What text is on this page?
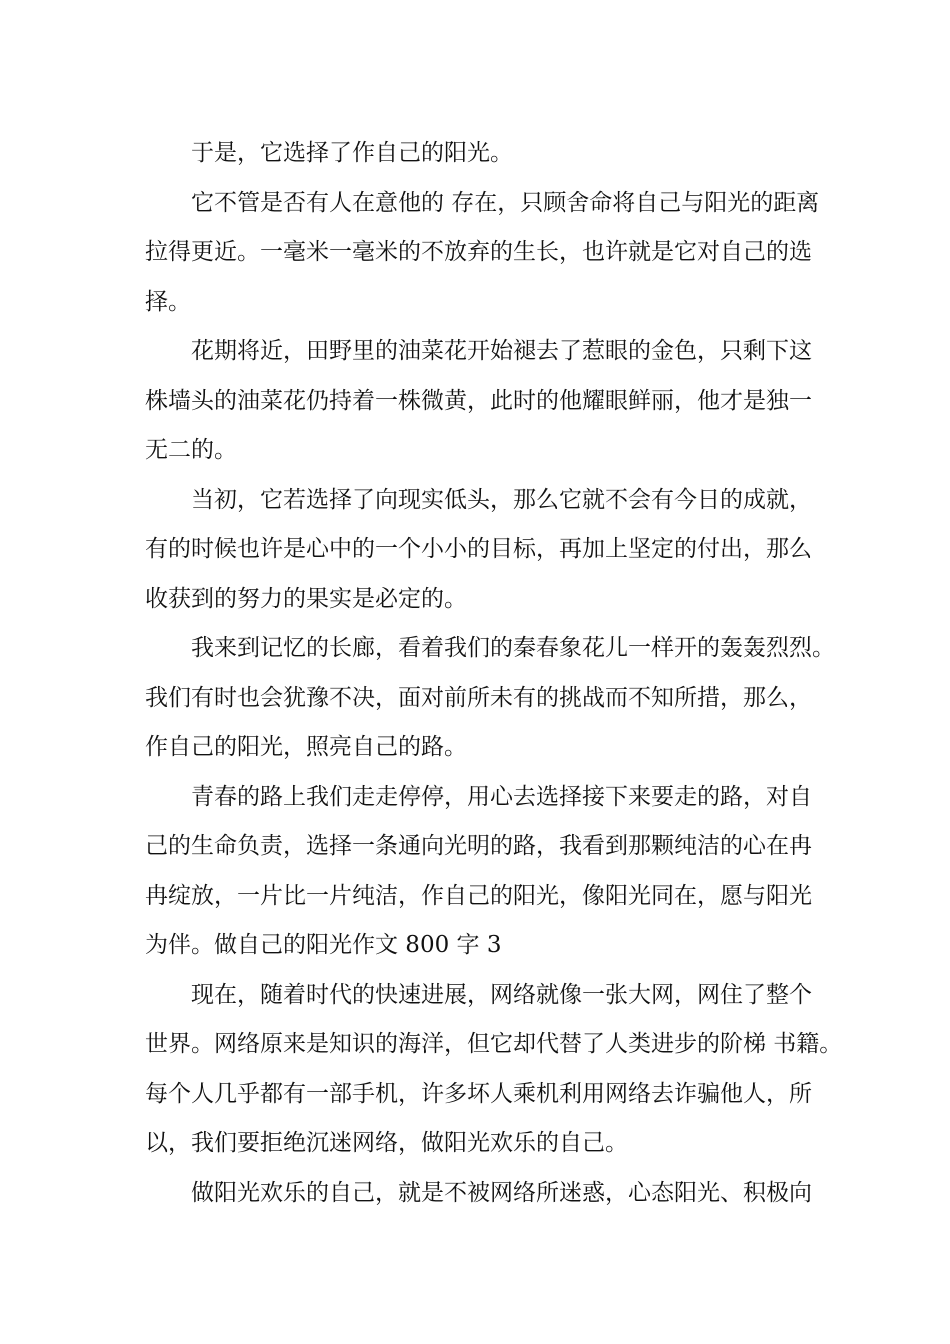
于是，它选择了作自己的阳光。
它不管是否有人在意他的 存在，只顾舍命将自己与阳光的距离
拉得更近。一毫米一毫米的不放弃的生长，也许就是它对自己的选
择。
花期将近，田野里的油菜花开始褪去了惹眼的金色，只剩下这
株墙头的油菜花仍持着一株微黄，此时的他耀眼鲜丽，他才是独一
无二的。
当初，它若选择了向现实低头，那么它就不会有今日的成就，
有的时候也许是心中的一个小小的目标，再加上坚定的付出，那么
收获到的努力的果实是必定的。
我来到记忆的长廊，看着我们的秦春象花儿一样开的轰轰烈烈。
我们有时也会犹豫不决，面对前所未有的挑战而不知所措，那么，
作自己的阳光，照亮自己的路。
青春的路上我们走走停停，用心去选择接下来要走的路，对自
己的生命负责，选择一条通向光明的路，我看到那颗纯洁的心在冉
冉绽放，一片比一片纯洁，作自己的阳光，像阳光同在，愿与阳光
为伴。做自己的阳光作文 800 字 3
现在，随着时代的快速进展，网络就像一张大网，网住了整个
世界。网络原来是知识的海洋，但它却代替了人类进步的阶梯 书籍。
每个人几乎都有一部手机，许多坏人乘机利用网络去诈骗他人，所
以，我们要拒绝沉迷网络，做阳光欢乐的自己。
做阳光欢乐的自己，就是不被网络所迷惑，心态阳光、积极向
